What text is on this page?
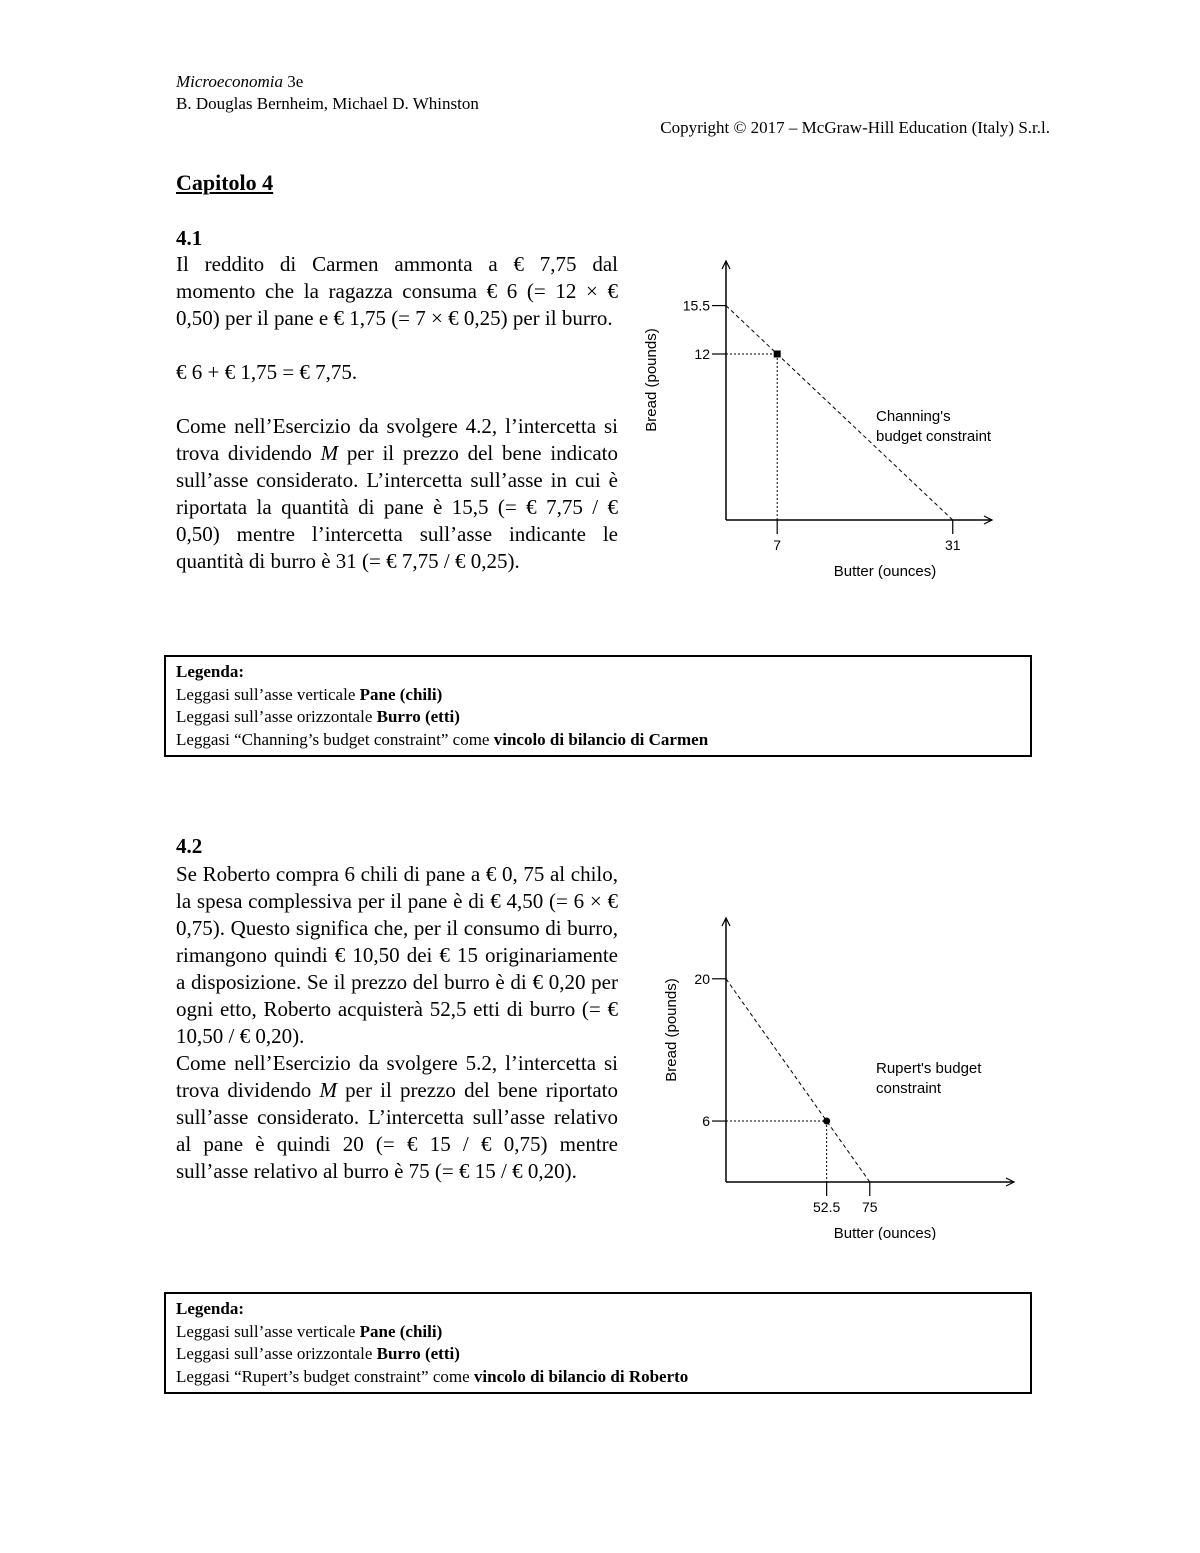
Microeconomia 3e
B. Douglas Bernheim, Michael D. Whinston
Copyright © 2017 – McGraw-Hill Education (Italy) S.r.l.
Capitolo 4
4.1

Il reddito di Carmen ammonta a € 7,75 dal momento che la ragazza consuma € 6 (= 12 × € 0,50) per il pane e € 1,75 (= 7 × € 0,25) per il burro.

€ 6 + € 1,75 = € 7,75.

Come nell’Esercizio da svolgere 4.2, l’intercetta si trova dividendo M per il prezzo del bene indicato sull’asse considerato. L’intercetta sull’asse in cui è riportata la quantità di pane è 15,5 (= € 7,75 / € 0,50) mentre l’intercetta sull’asse indicante le quantità di burro è 31 (= € 7,75 / € 0,25).

15.5
12
7	31
Butter (ounces)
Bread (pounds)	Channing's
budget constraint
Legenda:
Leggasi sull’asse verticale Pane (chili)
Leggasi sull’asse orizzontale Burro (etti)
Leggasi “Channing’s budget constraint” come vincolo di bilancio di Carmen
4.2

Se Roberto compra 6 chili di pane a € 0, 75 al chilo, la spesa complessiva per il pane è di € 4,50 (= 6 × € 0,75). Questo significa che, per il consumo di burro, rimangono quindi € 10,50 dei € 15 originariamente a disposizione. Se il prezzo del burro è di € 0,20 per ogni etto, Roberto acquisterà 52,5 etti di burro (= € 10,50 / € 0,20).

Come nell’Esercizio da svolgere 5.2, l’intercetta si trova dividendo M per il prezzo del bene riportato sull’asse considerato. L’intercetta sull’asse relativo al pane è quindi 20 (= € 15 / € 0,75) mentre sull’asse relativo al burro è 75 (= € 15 / € 0,20).

20
6
52.5 75
Butter (ounces)
Bread (pounds)	Rupert's budget
constraint
Legenda:
Leggasi sull’asse verticale Pane (chili)
Leggasi sull’asse orizzontale Burro (etti)
Leggasi “Rupert’s budget constraint” come vincolo di bilancio di Roberto
